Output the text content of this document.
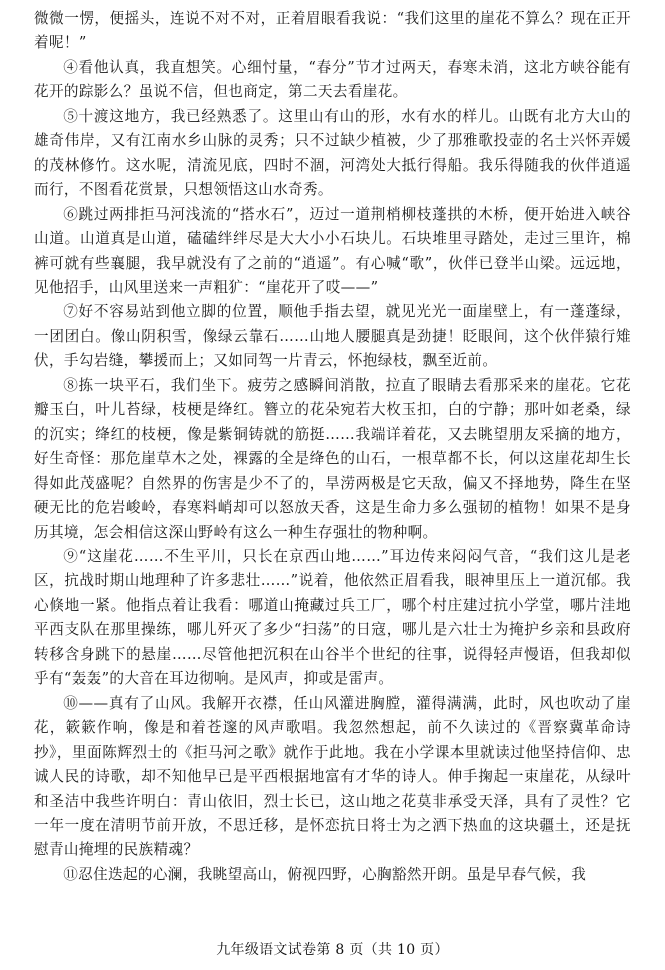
微微一愣，便摇头，连说不对不对，正着眉眼看我说：“我们这里的崖花不算么？现在正开着呢！”

④看他认真，我直想笑。心细忖量，“春分”节才过两天，春寒未消，这北方峡谷能有花开的踪影么？虽说不信，但也商定，第二天去看崖花。

⑤十渡这地方，我已经熟悉了。这里山有山的形，水有水的样儿。山既有北方大山的雄奇伟岸，又有江南水乡山脉的灵秀；只不过缺少植被，少了那雅歌投壶的名士兴怀弄媛的茂林修竹。这水呢，清流见底，四时不涸，河湾处大抵行得船。我乐得随我的伙伴逍遥而行，不图看花赏景，只想领悟这山水奇秀。

⑥跳过两排拒马河浅流的“搭水石”，迈过一道荆梢柳枝蓬拱的木桥，便开始进入峡谷山道。山道真是山道，磕磕绊绊尽是大大小小石块儿。石块堆里寻踏处，走过三里许，棉裤可就有些襄腿，我早就没有了之前的“逍遥”。有心喊“歌”，伙伴已登半山梁。远远地，见他招手，山风里送来一声粗犷：“崖花开了哎——”

⑦好不容易站到他立脚的位置，顺他手指去望，就见光光一面崖壁上，有一蓬蓬绿，一团团白。像山阴积雪，像绿云靠石……山地人腰腿真是劲捷！眨眼间，这个伙伴猿行雉伏，手勾岩缝，攀援而上；又如同驾一片青云，怀抱绿枝，飘至近前。

⑧拣一块平石，我们坐下。疲劳之感瞬间消散，拉直了眼睛去看那采来的崖花。它花瓣玉白，叶儿苔绿，枝梗是绛红。簪立的花朵宛若大枚玉扣，白的宁静；那叶如老桑，绿的沉实；绛红的枝梗，像是紫铜铸就的筋挺……我端详着花，又去眺望朋友采摘的地方，好生奇怪：那危崖草木之处，裸露的全是绛色的山石，一根草都不长，何以这崖花却生长得如此茂盛呢？自然界的伤害是少不了的，旱涝两极是它天敌，偏又不择地势，降生在坚硬无比的危岩峻岭，春寒料峭却可以怒放天香，这是生命力多么强韧的植物！如果不是身历其境，怎会相信这深山野岭有这么一种生存强壮的物种啊。

⑨“这崖花……不生平川，只长在京西山地……”耳边传来闷闷气音，“我们这儿是老区，抗战时期山地理种了许多悲壮……”说着，他依然正眉看我，眼神里压上一道沉郁。我心倏地一紧。他指点着让我看：哪道山掩藏过兵工厂，哪个村庄建过抗小学堂，哪片洼地平西支队在那里操练，哪儿歼灭了多少“扫荡”的日寇，哪儿是六壮士为掩护乡亲和县政府转移含身跳下的悬崖……尽管他把沉积在山谷半个世纪的往事，说得轻声慢语，但我却似乎有“轰轰”的大音在耳边彻响。是风声，抑或是雷声。

⑩——真有了山风。我解开衣襟，任山风灌进胸膛，灌得满满，此时，风也吹动了崖花，簌簌作响，像是和着苍邃的风声歌唱。我忽然想起，前不久读过的《晋察冀革命诗抄》，里面陈辉烈士的《拒马河之歌》就作于此地。我在小学课本里就读过他坚持信仰、忠诚人民的诗歌，却不知他早已是平西根据地富有才华的诗人。伸手掬起一束崖花，从绿叶和圣洁中我些许明白：青山依旧，烈士长已，这山地之花莫非承受天泽，具有了灵性？它一年一度在清明节前开放，不思迁移，是怀恋抗日将士为之洒下热血的这块疆土，还是抚慰青山掩埋的民族精魂？

⑪忍住迭起的心澜，我眺望高山，俯视四野，心胸豁然开朗。虽是早春气候，我

九年级语文试卷第 8 页（共 10 页）
